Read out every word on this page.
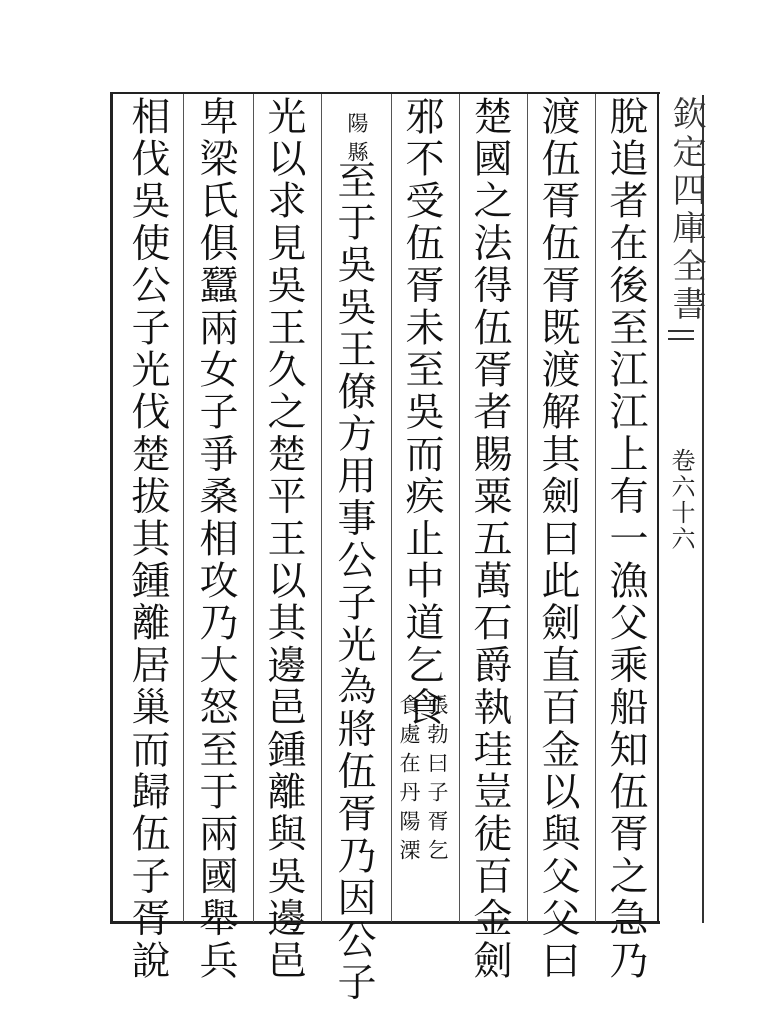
欽定四庫全書
卷六十六
脫追者在後至江江上有一漁父乘船知伍胥之急乃
渡伍胥伍胥既渡解其劍曰此劍直百金以與父父曰
楚國之法得伍胥者賜粟五萬石爵執珪豈徒百金劍
邪不受伍胥未至吳而疾止中道乞食
張勃曰子胥乞
食處在丹陽溧
陽縣
至于吳吳王僚方用事公子光為將伍胥乃因公子
光以求見吳王久之楚平王以其邊邑鍾離與吳邊邑
卑梁氏俱蠶兩女子爭桑相攻乃大怒至于兩國舉兵
相伐吳使公子光伐楚拔其鍾離居巢而歸伍子胥說
